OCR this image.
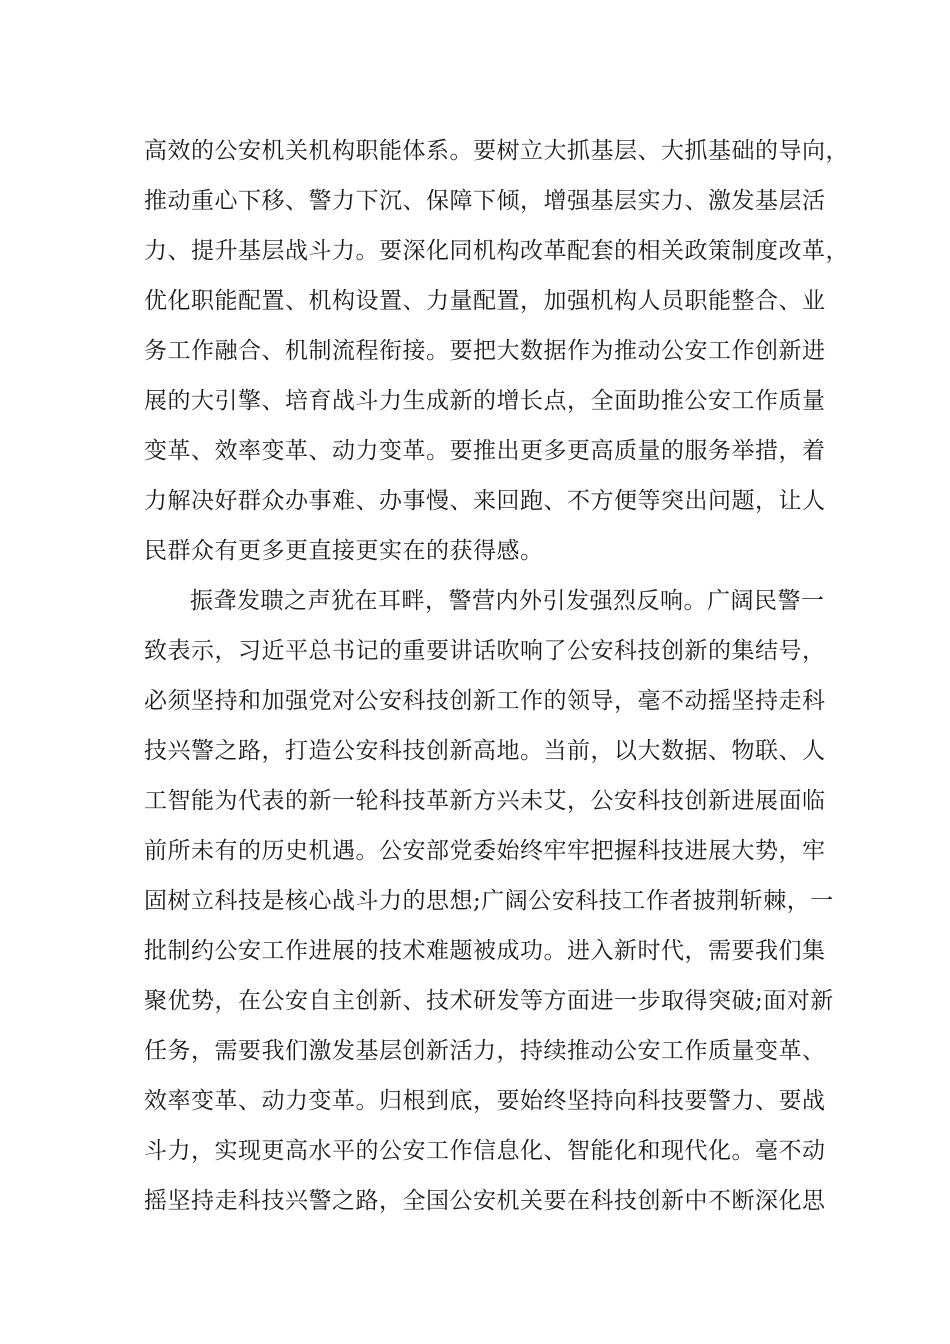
高效的公安机关机构职能体系。要树立大抓基层、大抓基础的导向，
推动重心下移、警力下沉、保障下倾，增强基层实力、激发基层活
力、提升基层战斗力。要深化同机构改革配套的相关政策制度改革，
优化职能配置、机构设置、力量配置，加强机构人员职能整合、业
务工作融合、机制流程衔接。要把大数据作为推动公安工作创新进
展的大引擎、培育战斗力生成新的增长点，全面助推公安工作质量
变革、效率变革、动力变革。要推出更多更高质量的服务举措，着
力解决好群众办事难、办事慢、来回跑、不方便等突出问题，让人
民群众有更多更直接更实在的获得感。
振聋发聩之声犹在耳畔，警营内外引发强烈反响。广阔民警一
致表示，习近平总书记的重要讲话吹响了公安科技创新的集结号，
必须坚持和加强党对公安科技创新工作的领导，毫不动摇坚持走科
技兴警之路，打造公安科技创新高地。当前，以大数据、物联、人
工智能为代表的新一轮科技革新方兴未艾，公安科技创新进展面临
前所未有的历史机遇。公安部党委始终牢牢把握科技进展大势，牢
固树立科技是核心战斗力的思想;广阔公安科技工作者披荆斩棘，一
批制约公安工作进展的技术难题被成功。进入新时代，需要我们集
聚优势，在公安自主创新、技术研发等方面进一步取得突破;面对新
任务，需要我们激发基层创新活力，持续推动公安工作质量变革、
效率变革、动力变革。归根到底，要始终坚持向科技要警力、要战
斗力，实现更高水平的公安工作信息化、智能化和现代化。毫不动
摇坚持走科技兴警之路，全国公安机关要在科技创新中不断深化思
